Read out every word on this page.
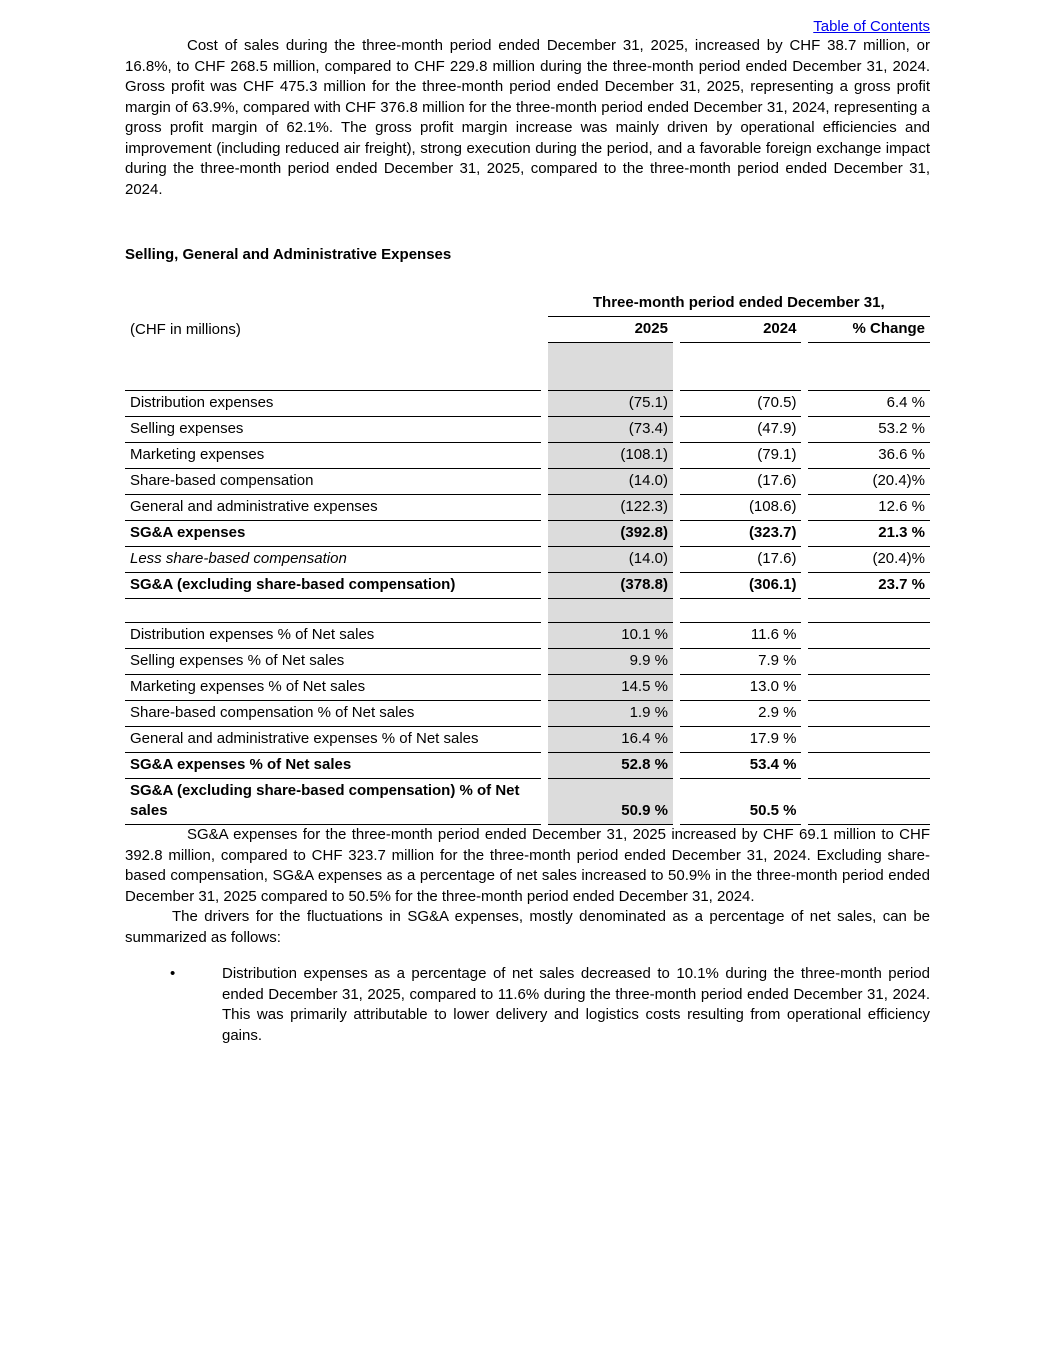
Table of Contents

Cost of sales during the three-month period ended December 31, 2025, increased by CHF 38.7 million, or 16.8%, to CHF 268.5 million, compared to CHF 229.8 million during the three-month period ended December 31, 2024. Gross profit was CHF 475.3 million for the three-month period ended December 31, 2025, representing a gross profit margin of 63.9%, compared with CHF 376.8 million for the three-month period ended December 31, 2024, representing a gross profit margin of 62.1%. The gross profit margin increase was mainly driven by operational efficiencies and improvement (including reduced air freight), strong execution during the period, and a favorable foreign exchange impact during the three-month period ended December 31, 2025, compared to the three-month period ended December 31, 2024.

Selling, General and Administrative Expenses
	Three-month period ended December 31,		
(CHF in millions)	2025	2024	% Change

Distribution expenses	(75.1)	(70.5)	6.4 %
Selling expenses	(73.4)	(47.9)	53.2 %
Marketing expenses	(108.1)	(79.1)	36.6 %
Share-based compensation	(14.0)	(17.6)	(20.4)%
General and administrative expenses	(122.3)	(108.6)	12.6 %
SG&A expenses	(392.8)	(323.7)	21.3 %
Less share-based compensation	(14.0)	(17.6)	(20.4)%
SG&A (excluding share-based compensation)	(378.8)	(306.1)	23.7 %

Distribution expenses % of Net sales	10.1 %	11.6 %	
Selling expenses % of Net sales	9.9 %	7.9 %	
Marketing expenses % of Net sales	14.5 %	13.0 %	
Share-based compensation % of Net sales	1.9 %	2.9 %	
General and administrative expenses % of Net sales	16.4 %	17.9 %	
SG&A expenses % of Net sales	52.8 %	53.4 %	
SG&A (excluding share-based compensation) % of Net sales	50.9 %	50.5 %	

SG&A expenses for the three-month period ended December 31, 2025 increased by CHF 69.1 million to CHF 392.8 million, compared to CHF 323.7 million for the three-month period ended December 31, 2024. Excluding share-based compensation, SG&A expenses as a percentage of net sales increased to 50.9% in the three-month period ended December 31, 2025 compared to 50.5% for the three-month period ended December 31, 2024.

The drivers for the fluctuations in SG&A expenses, mostly denominated as a percentage of net sales, can be summarized as follows:

•	Distribution expenses as a percentage of net sales decreased to 10.1% during the three-month period ended December 31, 2025, compared to 11.6% during the three-month period ended December 31, 2024. This was primarily attributable to lower delivery and logistics costs resulting from operational efficiency gains.
